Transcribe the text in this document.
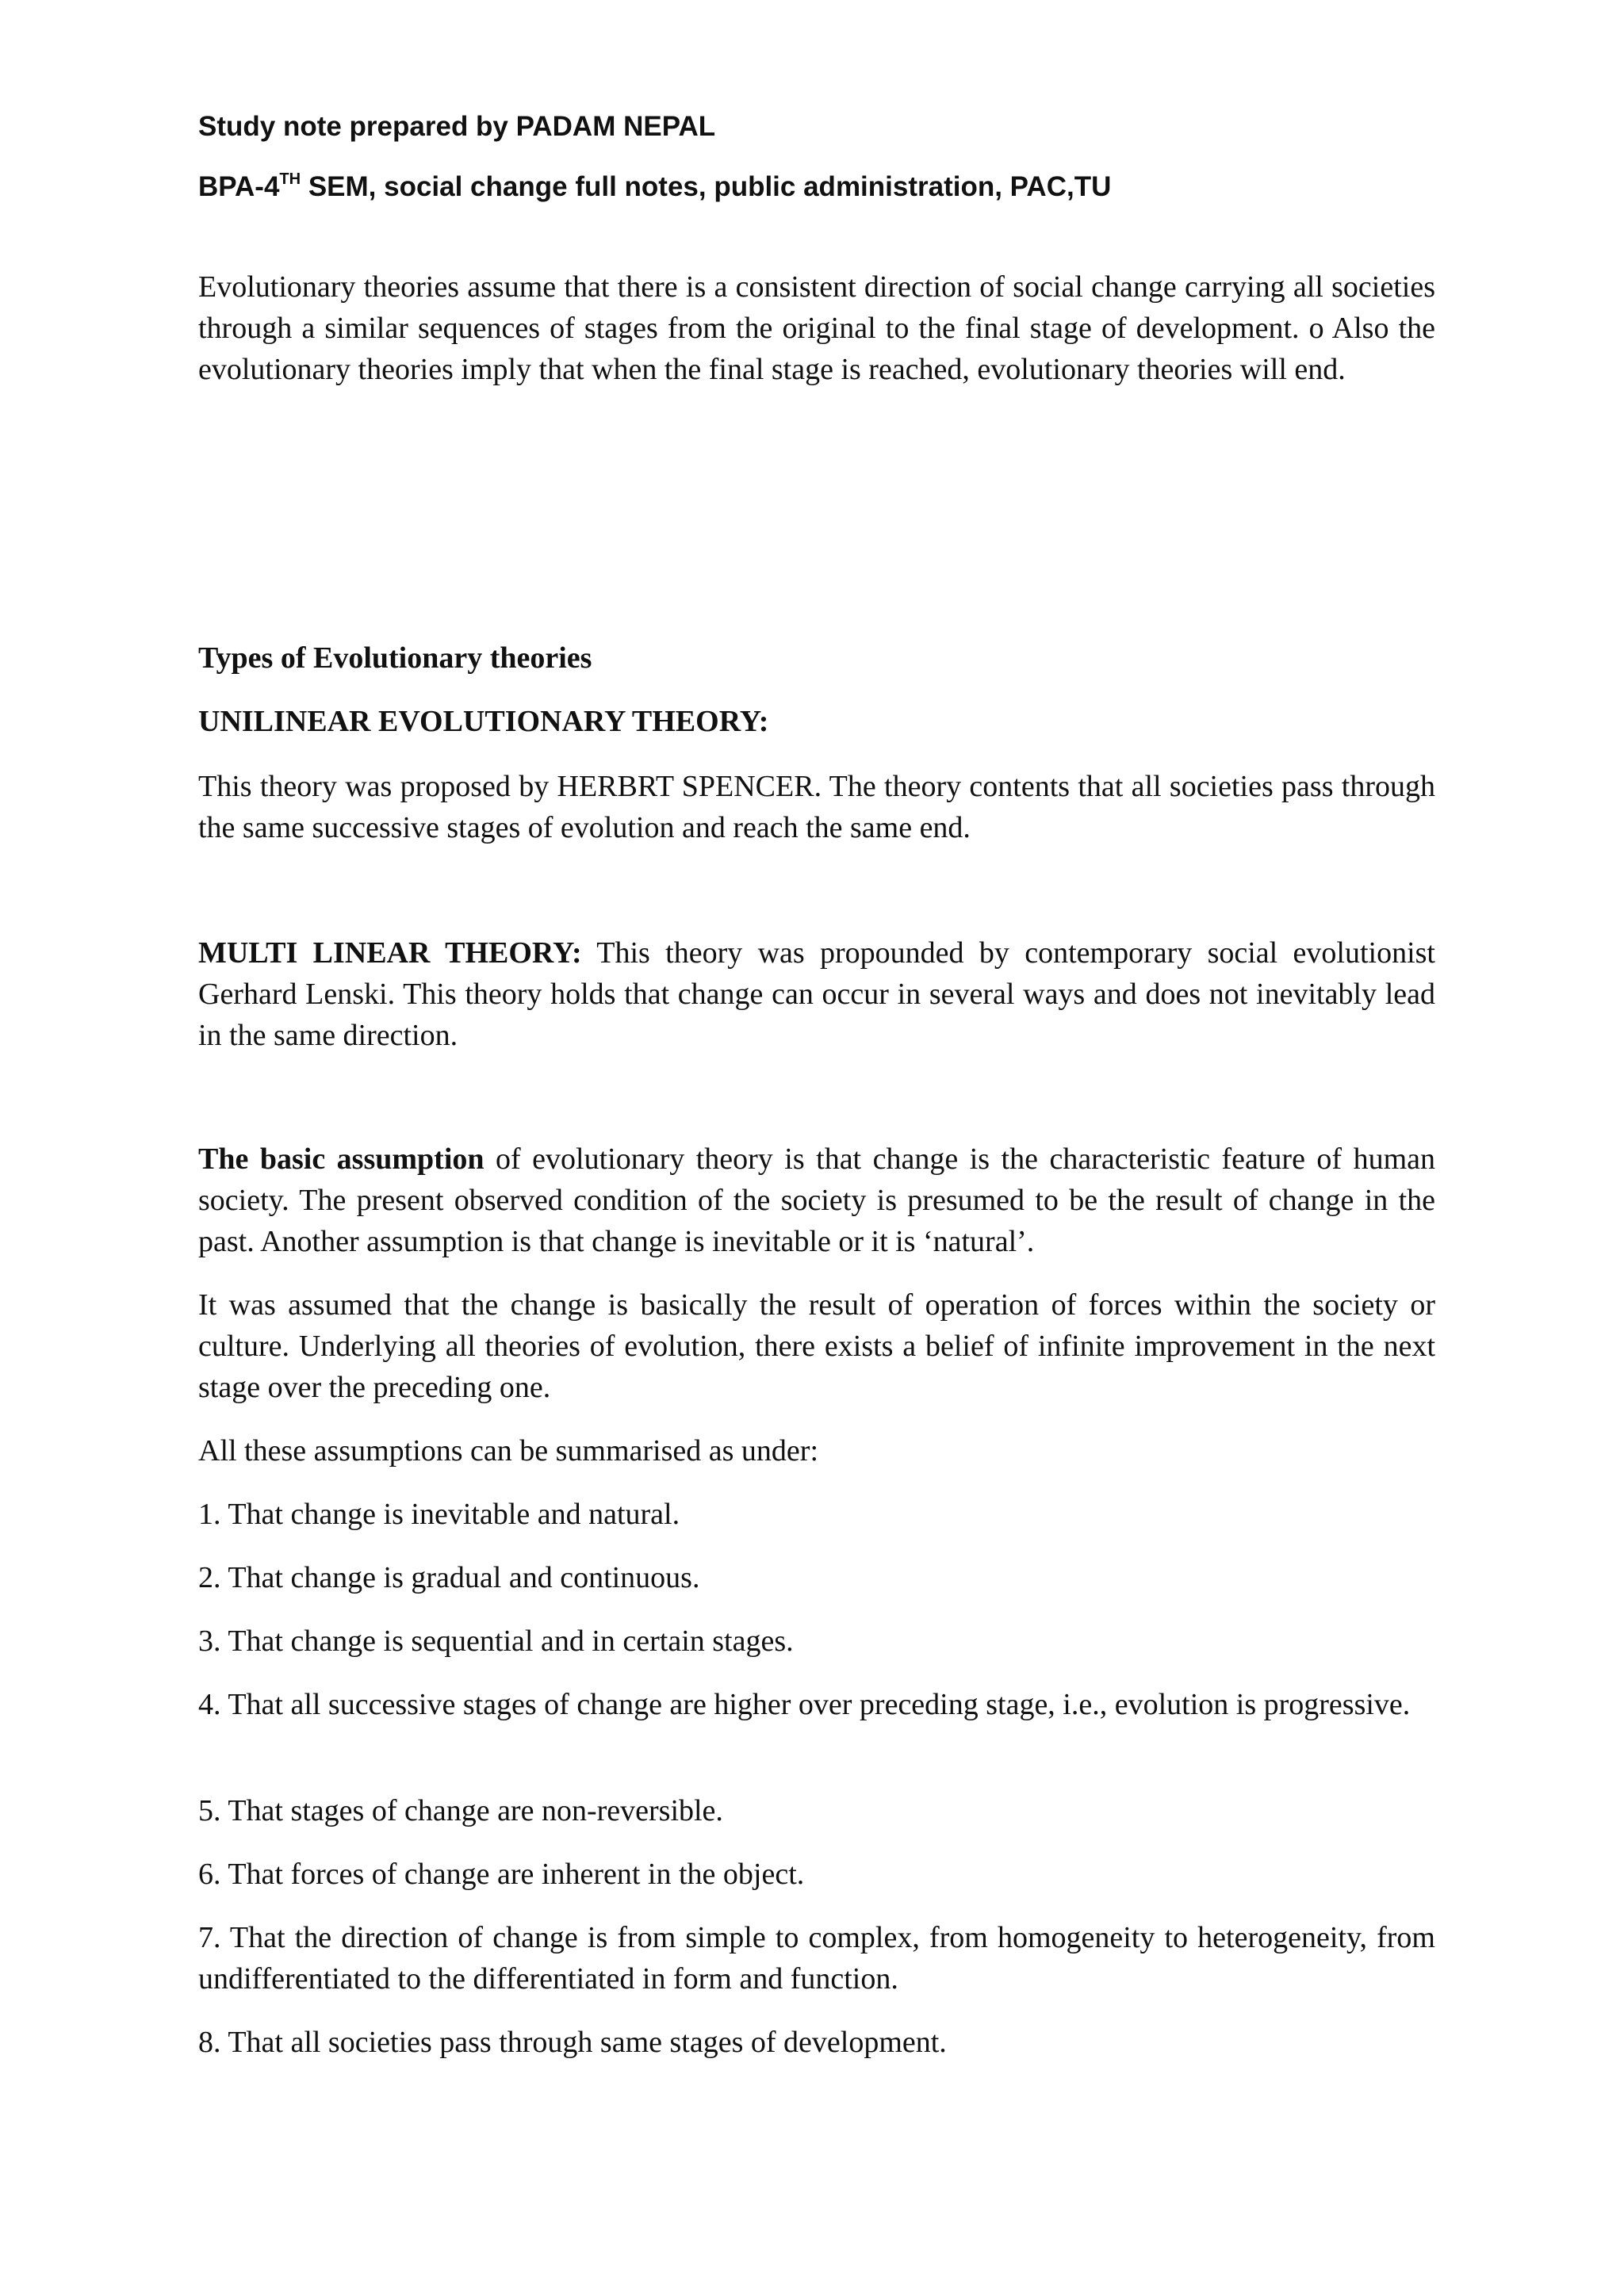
Study note prepared by PADAM NEPAL
BPA-4TH SEM, social change full notes, public administration, PAC,TU
Evolutionary theories assume that there is a consistent direction of social change carrying all societies through a similar sequences of stages from the original to the final stage of development. o Also the evolutionary theories imply that when the final stage is reached, evolutionary theories will end.
Types of Evolutionary theories
UNILINEAR EVOLUTIONARY THEORY:
This theory was proposed by HERBRT SPENCER. The theory contents that all societies pass through the same successive stages of evolution and reach the same end.
MULTI LINEAR THEORY: This theory was propounded by contemporary social evolutionist Gerhard Lenski. This theory holds that change can occur in several ways and does not inevitably lead in the same direction.
The basic assumption of evolutionary theory is that change is the characteristic feature of human society. The present observed condition of the society is presumed to be the result of change in the past. Another assumption is that change is inevitable or it is ‘natural’.
It was assumed that the change is basically the result of operation of forces within the society or culture. Underlying all theories of evolution, there exists a belief of infinite improvement in the next stage over the preceding one.
All these assumptions can be summarised as under:
1. That change is inevitable and natural.
2. That change is gradual and continuous.
3. That change is sequential and in certain stages.
4. That all successive stages of change are higher over preceding stage, i.e., evolution is progressive.
5. That stages of change are non-reversible.
6. That forces of change are inherent in the object.
7. That the direction of change is from simple to complex, from homogeneity to heterogeneity, from undifferentiated to the differentiated in form and function.
8. That all societies pass through same stages of development.
